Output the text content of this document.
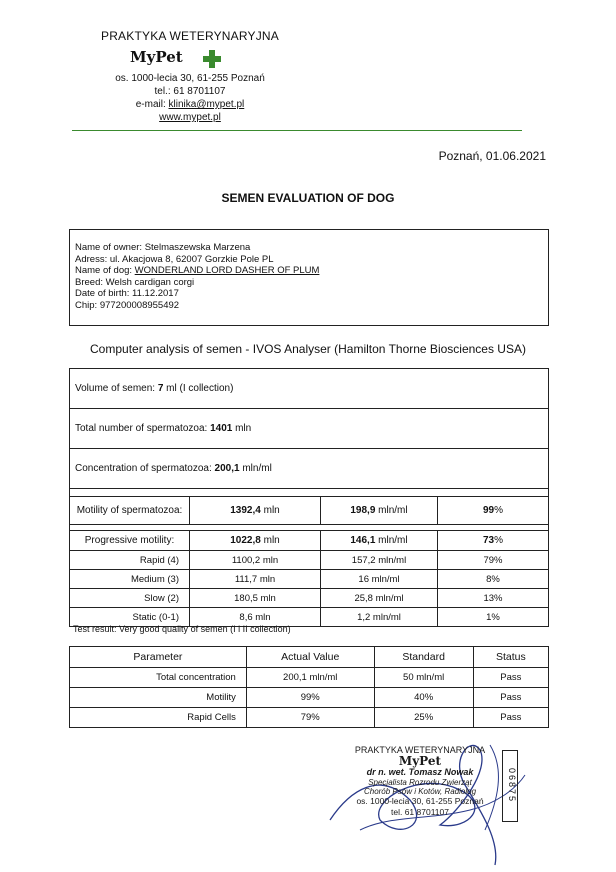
PRAKTYKA WETERYNARYJNA
MyPet
os. 1000-lecia 30, 61-255 Poznań
tel.: 61 8701107
e-mail: klinika@mypet.pl
www.mypet.pl
Poznań, 01.06.2021
SEMEN EVALUATION OF DOG
Name of owner: Stelmaszewska Marzena
Adress: ul. Akacjowa 8, 62007 Gorzkie Pole PL
Name of dog: WONDERLAND LORD DASHER OF PLUM
Breed: Welsh cardigan corgi
Date of birth: 11.12.2017
Chip: 977200008955492
Computer analysis of semen - IVOS Analyser (Hamilton Thorne Biosciences USA)
Volume of semen: 7 ml (I collection)			
Total number of spermatozoa: 1401 mln			
Concentration of spermatozoa: 200,1 mln/ml			

Motility of spermatozoa:	1392,4 mln	198,9 mln/ml	99%

Progressive motility:	1022,8 mln	146,1 mln/ml	73%
Rapid (4)	1100,2 mln	157,2 mln/ml	79%
Medium (3)	111,7 mln	16 mln/ml	8%
Slow (2)	180,5 mln	25,8 mln/ml	13%
Static (0-1)	8,6 mln	1,2 mln/ml	1%
Test result: Very good quality of semen (I i II collection)
Parameter	Actual Value	Standard	Status
Total concentration	200,1 mln/ml	50 mln/ml	Pass
Motility	99%	40%	Pass
Rapid Cells	79%	25%	Pass
PRAKTYKA WETERYNARYJNA
MyPet
dr n. wet. Tomasz Nowak
Specjalista Rozrodu Zwierząt
Chorób Psów i Kotów, Radiolog
os. 1000-lecia 30, 61-255 Poznań
tel. 61 8701107
06875
